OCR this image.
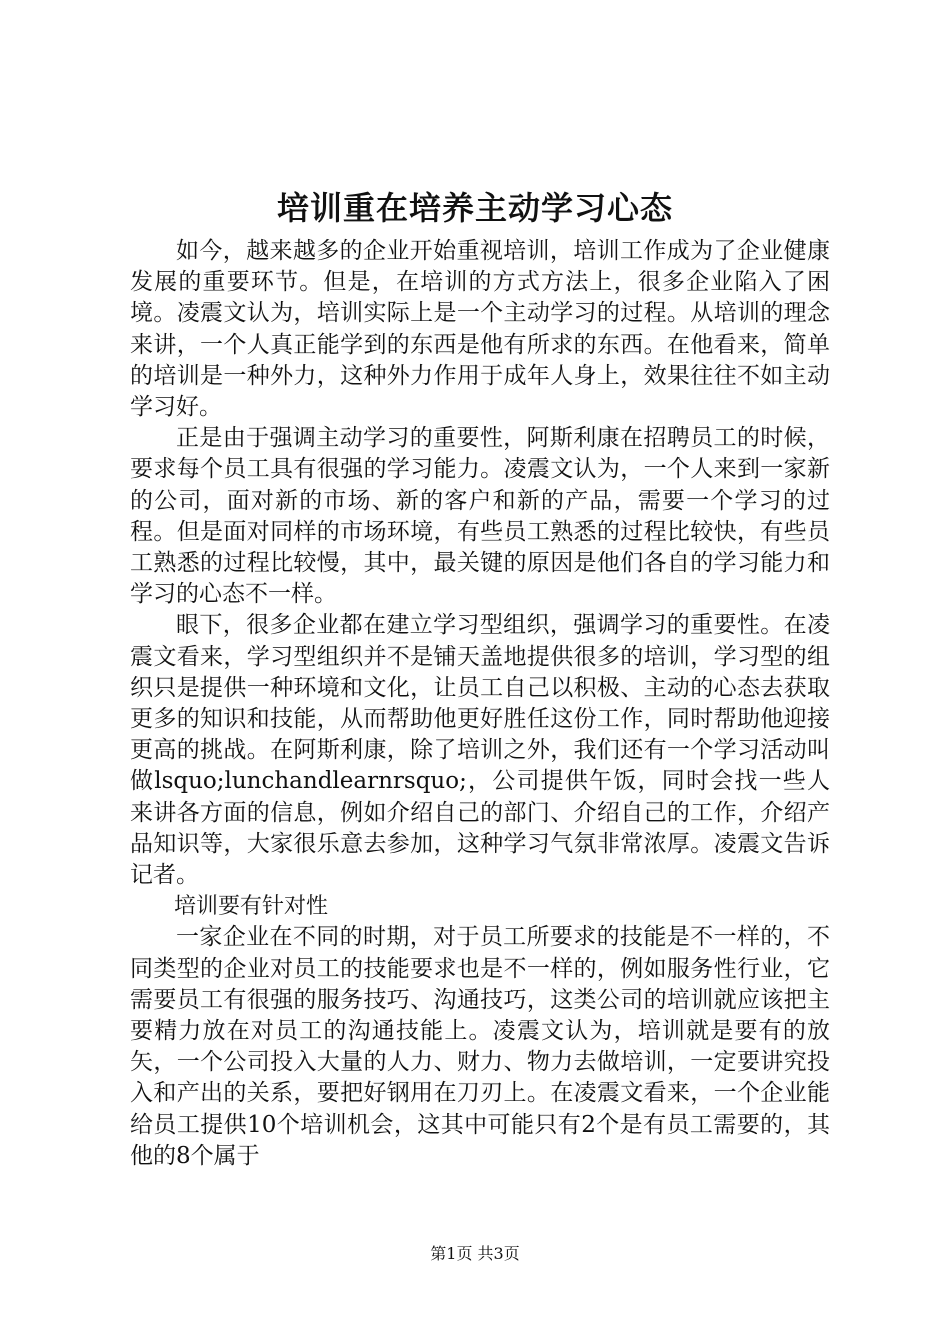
培训重在培养主动学习心态

如今，越来越多的企业开始重视培训，培训工作成为了企业健康发展的重要环节。但是，在培训的方式方法上，很多企业陷入了困境。凌震文认为，培训实际上是一个主动学习的过程。从培训的理念来讲，一个人真正能学到的东西是他有所求的东西。在他看来，简单的培训是一种外力，这种外力作用于成年人身上，效果往往不如主动学习好。

正是由于强调主动学习的重要性，阿斯利康在招聘员工的时候，要求每个员工具有很强的学习能力。凌震文认为，一个人来到一家新的公司，面对新的市场、新的客户和新的产品，需要一个学习的过程。但是面对同样的市场环境，有些员工熟悉的过程比较快，有些员工熟悉的过程比较慢，其中，最关键的原因是他们各自的学习能力和学习的心态不一样。

眼下，很多企业都在建立学习型组织，强调学习的重要性。在凌震文看来，学习型组织并不是铺天盖地提供很多的培训，学习型的组织只是提供一种环境和文化，让员工自己以积极、主动的心态去获取更多的知识和技能，从而帮助他更好胜任这份工作，同时帮助他迎接更高的挑战。在阿斯利康，除了培训之外，我们还有一个学习活动叫做lsquo;lunchandlearnrsquo;，公司提供午饭，同时会找一些人来讲各方面的信息，例如介绍自己的部门、介绍自己的工作，介绍产品知识等，大家很乐意去参加，这种学习气氛非常浓厚。凌震文告诉记者。

培训要有针对性

一家企业在不同的时期，对于员工所要求的技能是不一样的，不同类型的企业对员工的技能要求也是不一样的，例如服务性行业，它需要员工有很强的服务技巧、沟通技巧，这类公司的培训就应该把主要精力放在对员工的沟通技能上。凌震文认为，培训就是要有的放矢，一个公司投入大量的人力、财力、物力去做培训，一定要讲究投入和产出的关系，要把好钢用在刀刃上。在凌震文看来，一个企业能给员工提供10个培训机会，这其中可能只有2个是有员工需要的，其他的8个属于

第1页 共3页
